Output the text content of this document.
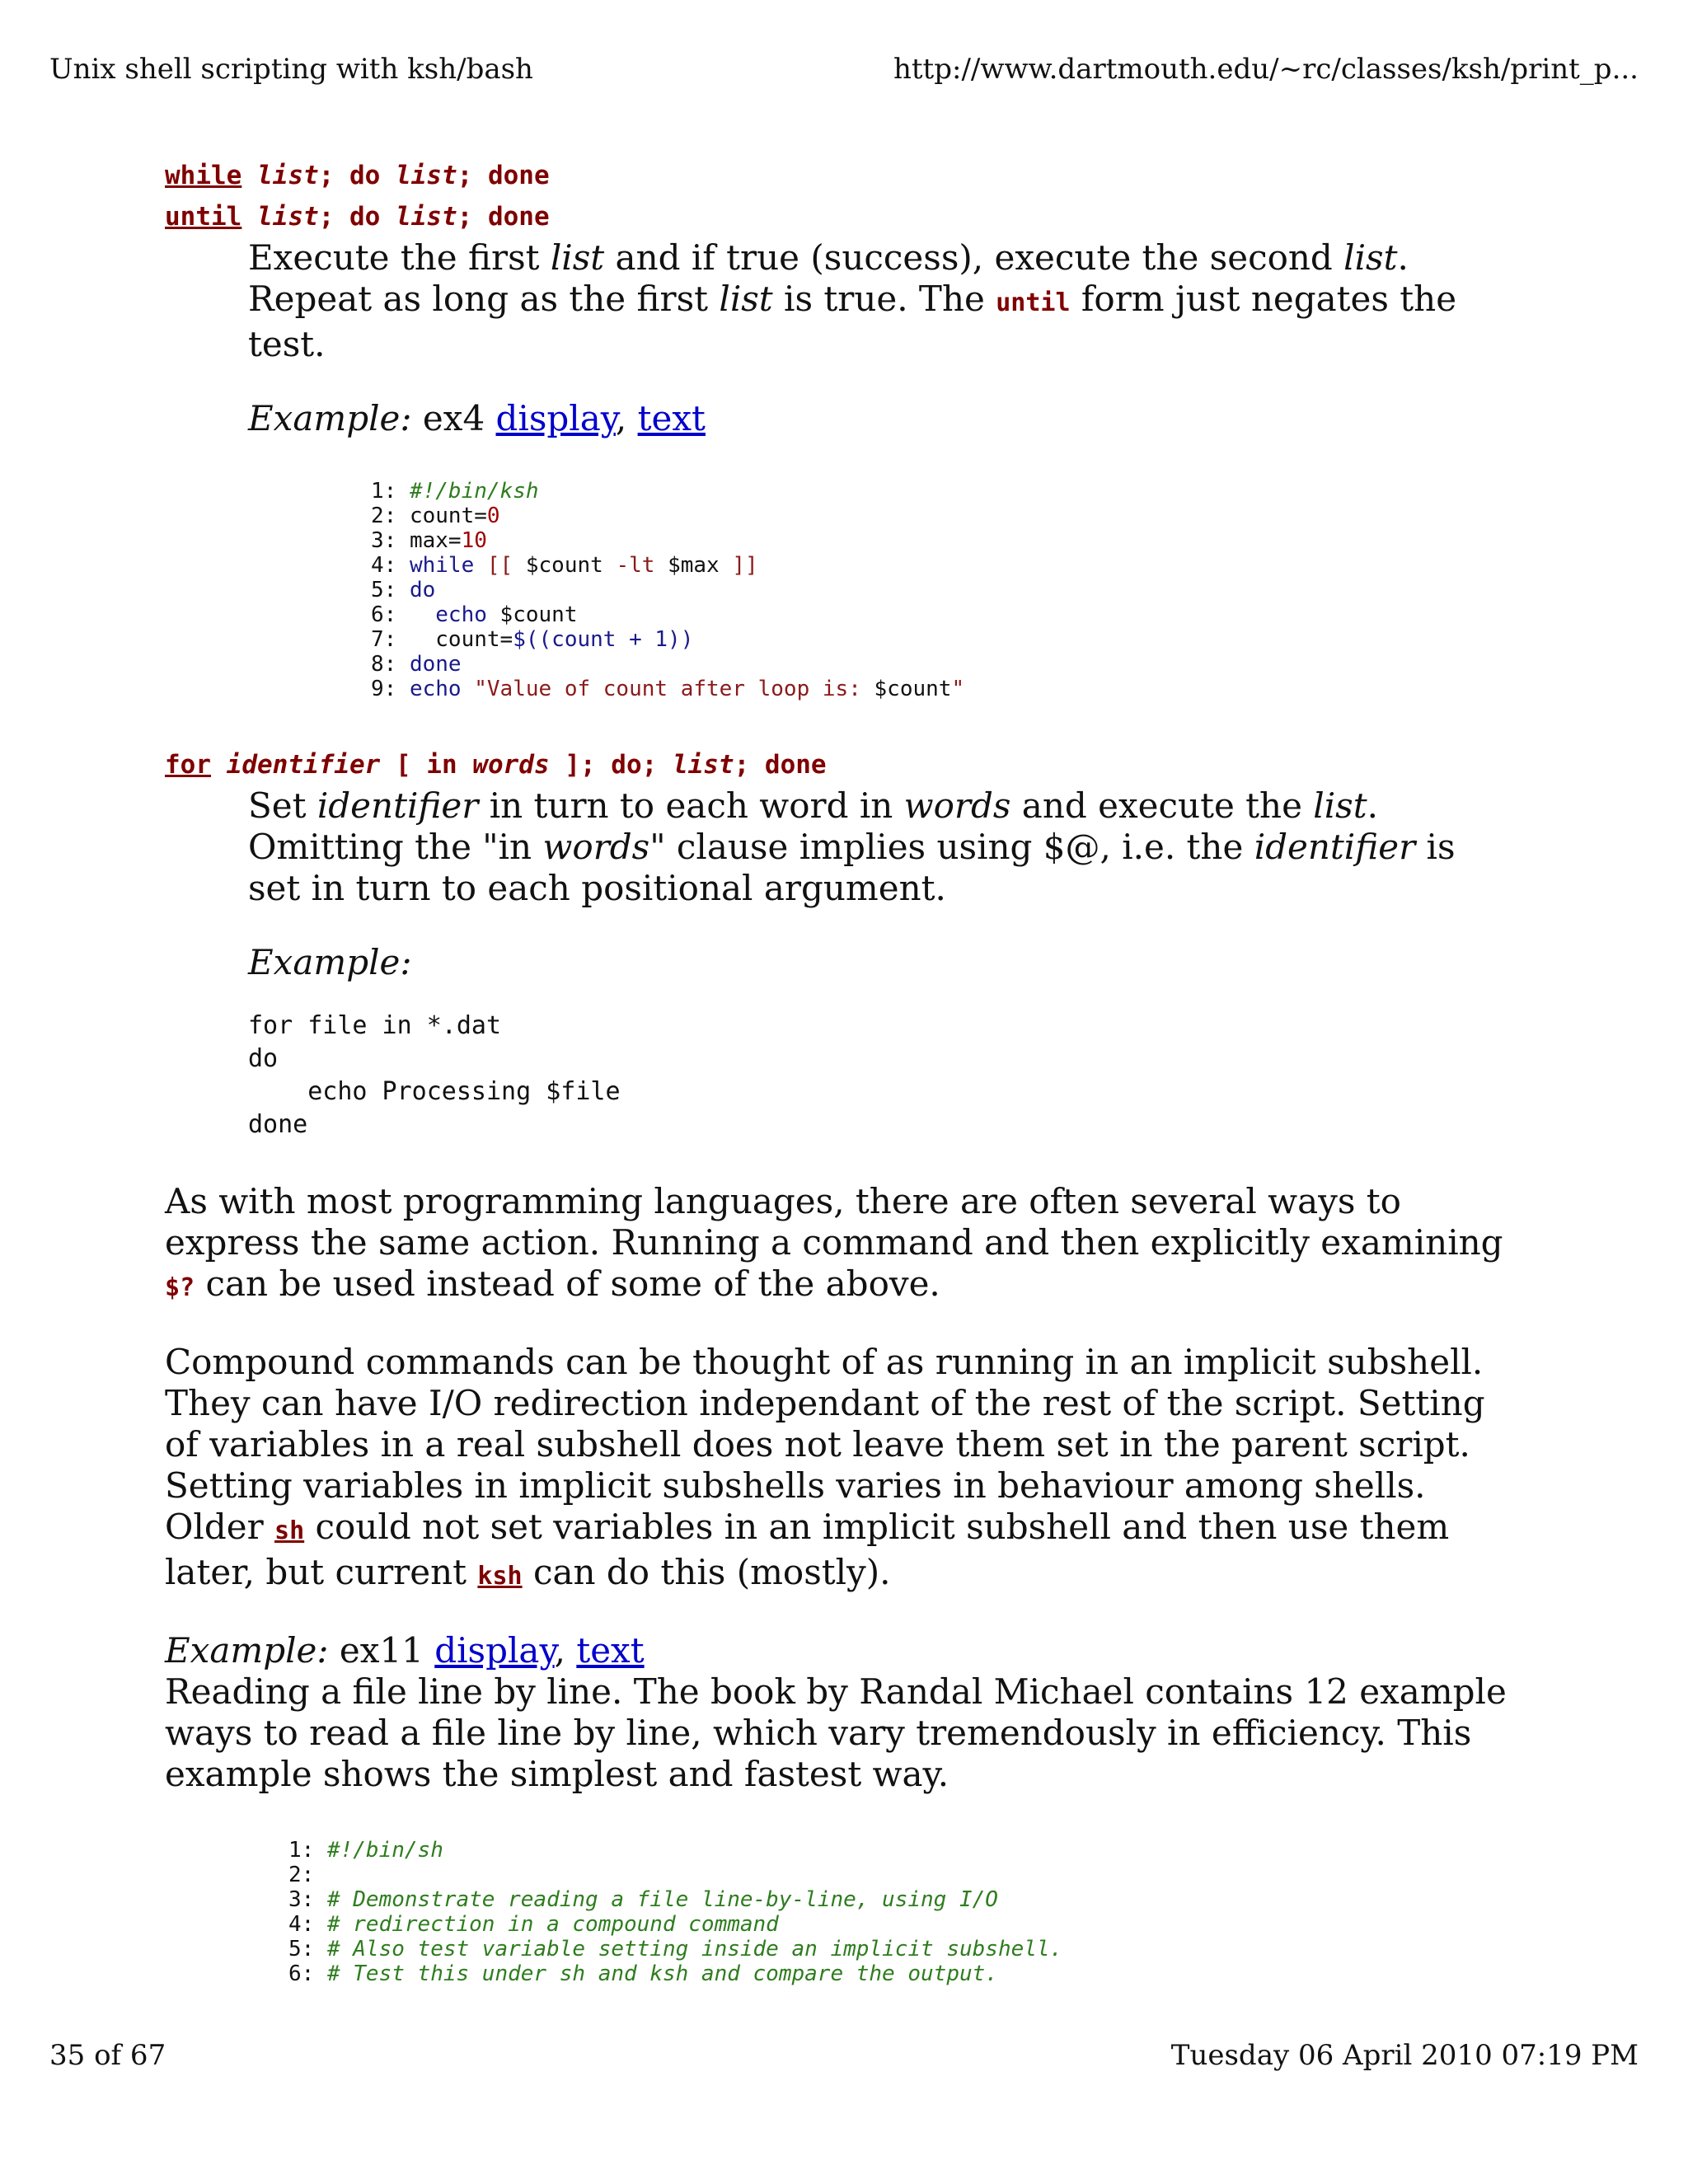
Unix shell scripting with ksh/bash	http://www.dartmouth.edu/~rc/classes/ksh/print_p...
while list; do list; done
until list; do list; done

Execute the first list and if true (success), execute the second list. Repeat as long as the first list is true. The until form just negates the test.

Example: ex4 display, text

1: #!/bin/ksh
2: count=0
3: max=10
4: while [[ $count -lt $max ]]
5: do
6:   echo $count
7:   count=$((count + 1))
8: done
9: echo "Value of count after loop is: $count"
for identifier [ in words ]; do; list; done

Set identifier in turn to each word in words and execute the list. Omitting the "in words" clause implies using $@, i.e. the identifier is set in turn to each positional argument.

Example:

for file in *.dat
do
echo Processing $file
done

As with most programming languages, there are often several ways to express the same action. Running a command and then explicitly examining $? can be used instead of some of the above.

Compound commands can be thought of as running in an implicit subshell. They can have I/O redirection independant of the rest of the script. Setting of variables in a real subshell does not leave them set in the parent script. Setting variables in implicit subshells varies in behaviour among shells. Older sh could not set variables in an implicit subshell and then use them later, but current ksh can do this (mostly).

Example: ex11 display, text
Reading a file line by line. The book by Randal Michael contains 12 example ways to read a file line by line, which vary tremendously in efficiency. This example shows the simplest and fastest way.

1: #!/bin/sh
2:
3: # Demonstrate reading a file line-by-line, using I/O
4: # redirection in a compound command
5: # Also test variable setting inside an implicit subshell.
6: # Test this under sh and ksh and compare the output.
35 of 67	Tuesday 06 April 2010 07:19 PM
